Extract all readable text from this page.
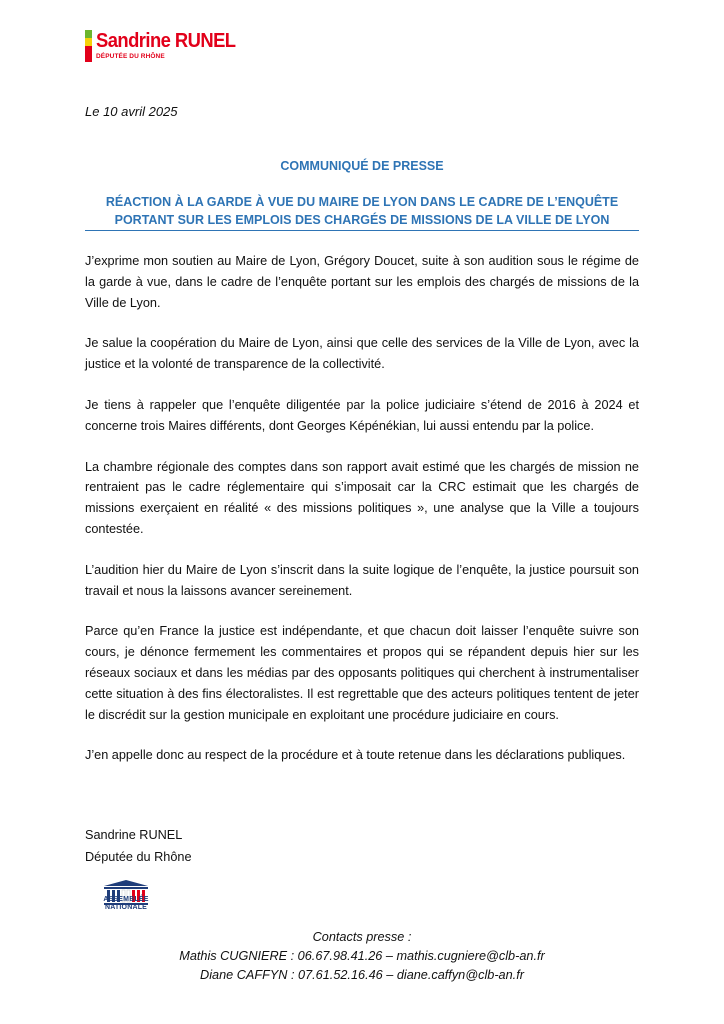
Sandrine RUNEL
DÉPUTÉE DU RHÔNE
Le 10 avril 2025
COMMUNIQUÉ DE PRESSE
RÉACTION À LA GARDE À VUE DU MAIRE DE LYON DANS LE CADRE DE L’ENQUÊTE
PORTANT SUR LES EMPLOIS DES CHARGÉS DE MISSIONS DE LA VILLE DE LYON

J’exprime mon soutien au Maire de Lyon, Grégory Doucet, suite à son audition sous le régime de la garde à vue, dans le cadre de l’enquête portant sur les emplois des chargés de missions de la Ville de Lyon.

Je salue la coopération du Maire de Lyon, ainsi que celle des services de la Ville de Lyon, avec la justice et la volonté de transparence de la collectivité.

Je tiens à rappeler que l’enquête diligentée par la police judiciaire s’étend de 2016 à 2024 et concerne trois Maires différents, dont Georges Képénékian, lui aussi entendu par la police.

La chambre régionale des comptes dans son rapport avait estimé que les chargés de mission ne rentraient pas le cadre réglementaire qui s’imposait car la CRC estimait que les chargés de missions exerçaient en réalité « des missions politiques », une analyse que la Ville a toujours contestée.

L’audition hier du Maire de Lyon s’inscrit dans la suite logique de l’enquête, la justice poursuit son travail et nous la laissons avancer sereinement.

Parce qu’en France la justice est indépendante, et que chacun doit laisser l’enquête suivre son cours, je dénonce fermement les commentaires et propos qui se répandent depuis hier sur les réseaux sociaux et dans les médias par des opposants politiques qui cherchent à instrumentaliser cette situation à des fins électoralistes. Il est regrettable que des acteurs politiques tentent de jeter le discrédit sur la gestion municipale en exploitant une procédure judiciaire en cours.

J’en appelle donc au respect de la procédure et à toute retenue dans les déclarations publiques.

Sandrine RUNEL
Députée du Rhône
ASSEMBLÉE
NATIONALE
Contacts presse :
Mathis CUGNIERE : 06.67.98.41.26 – mathis.cugniere@clb-an.fr
Diane CAFFYN : 07.61.52.16.46 – diane.caffyn@clb-an.fr
